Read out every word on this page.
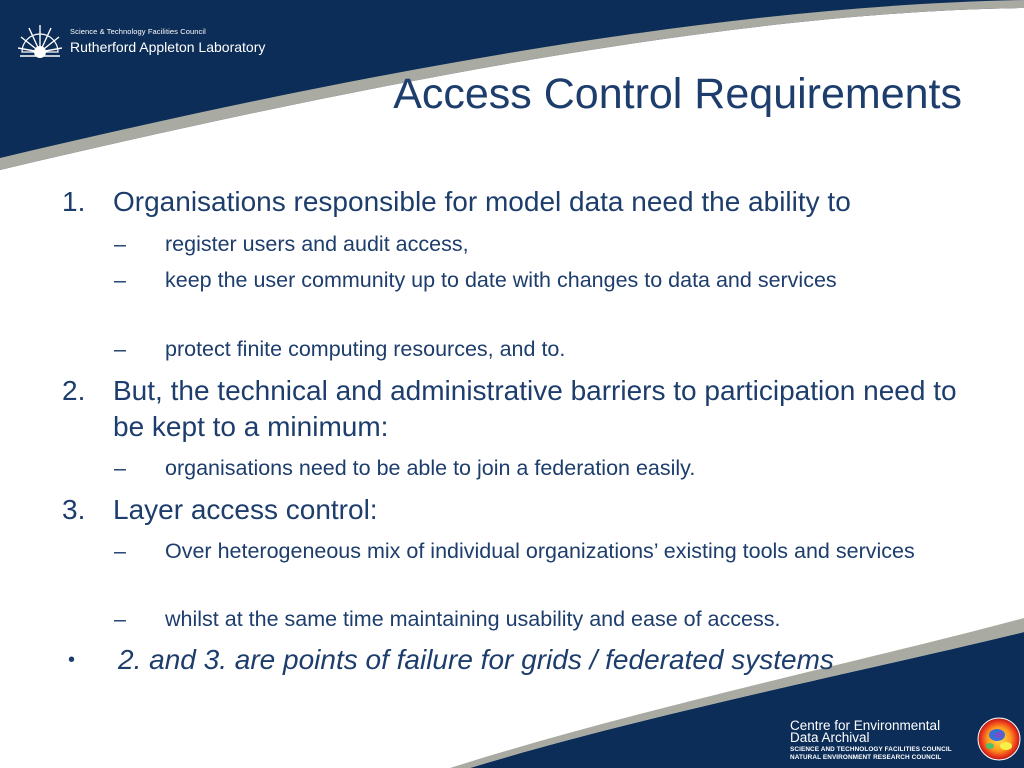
Science & Technology Facilities Council
Rutherford Appleton Laboratory
Access Control Requirements
1. Organisations responsible for model data need the ability to
– register users and audit access,
– keep the user community up to date with changes to data and services
– protect finite computing resources, and to.
2. But, the technical and administrative barriers to participation need to be kept to a minimum:
– organisations need to be able to join a federation easily.
3. Layer access control:
– Over heterogeneous mix of individual organizations’ existing tools and services
– whilst at the same time maintaining usability and ease of access.
• 2. and 3. are points of failure for grids / federated systems
Centre for Environmental
Data Archival
SCIENCE AND TECHNOLOGY FACILITIES COUNCIL
NATURAL ENVIRONMENT RESEARCH COUNCIL
